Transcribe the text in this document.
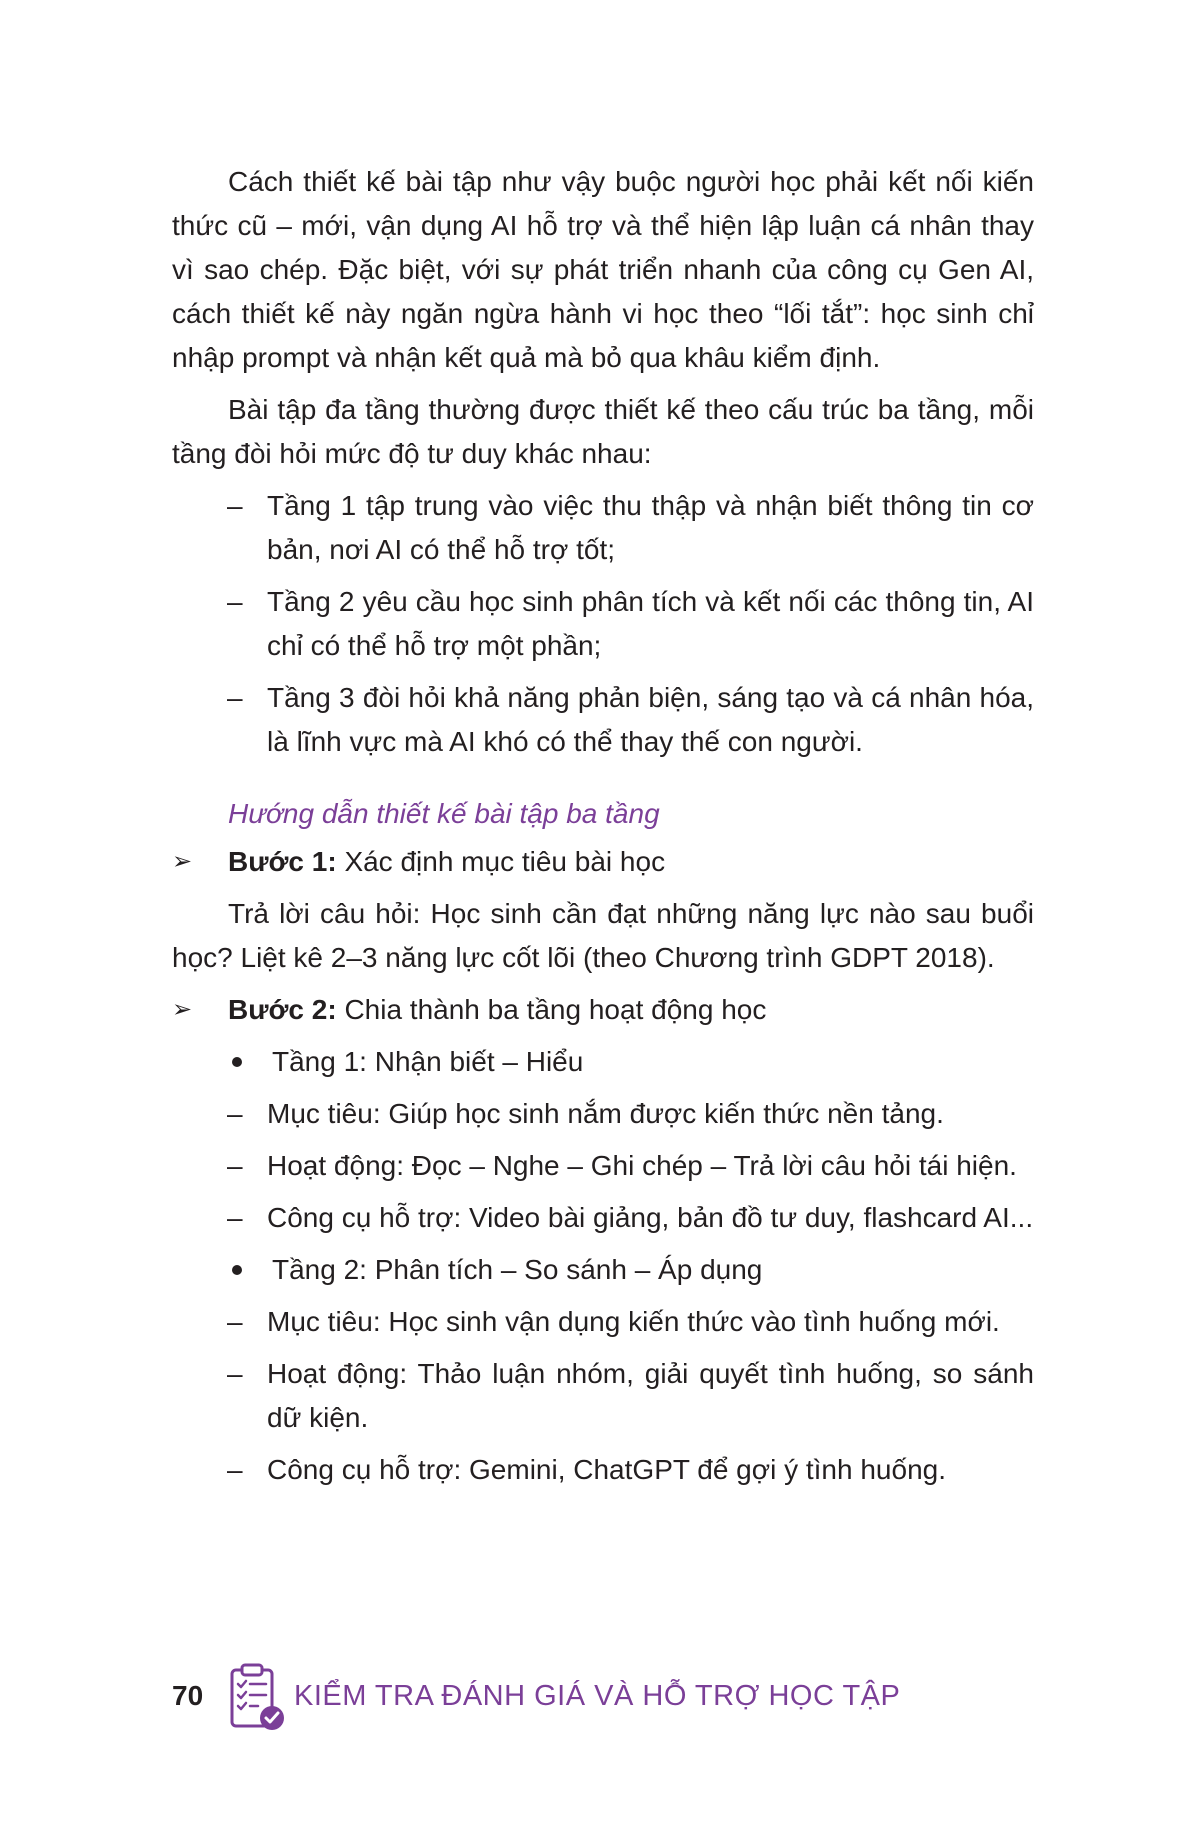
Cách thiết kế bài tập như vậy buộc người học phải kết nối kiến thức cũ – mới, vận dụng AI hỗ trợ và thể hiện lập luận cá nhân thay vì sao chép. Đặc biệt, với sự phát triển nhanh của công cụ Gen AI, cách thiết kế này ngăn ngừa hành vi học theo “lối tắt”: học sinh chỉ nhập prompt và nhận kết quả mà bỏ qua khâu kiểm định.

Bài tập đa tầng thường được thiết kế theo cấu trúc ba tầng, mỗi tầng đòi hỏi mức độ tư duy khác nhau:

– Tầng 1 tập trung vào việc thu thập và nhận biết thông tin cơ bản, nơi AI có thể hỗ trợ tốt;
– Tầng 2 yêu cầu học sinh phân tích và kết nối các thông tin, AI chỉ có thể hỗ trợ một phần;
– Tầng 3 đòi hỏi khả năng phản biện, sáng tạo và cá nhân hóa, là lĩnh vực mà AI khó có thể thay thế con người.

Hướng dẫn thiết kế bài tập ba tầng

➢ Bước 1: Xác định mục tiêu bài học

Trả lời câu hỏi: Học sinh cần đạt những năng lực nào sau buổi học? Liệt kê 2–3 năng lực cốt lõi (theo Chương trình GDPT 2018).

➢ Bước 2: Chia thành ba tầng hoạt động học
Tầng 1: Nhận biết – Hiểu
– Mục tiêu: Giúp học sinh nắm được kiến thức nền tảng.
– Hoạt động: Đọc – Nghe – Ghi chép – Trả lời câu hỏi tái hiện.
– Công cụ hỗ trợ: Video bài giảng, bản đồ tư duy, flashcard AI...
Tầng 2: Phân tích – So sánh – Áp dụng
– Mục tiêu: Học sinh vận dụng kiến thức vào tình huống mới.
– Hoạt động: Thảo luận nhóm, giải quyết tình huống, so sánh dữ kiện.
– Công cụ hỗ trợ: Gemini, ChatGPT để gợi ý tình huống.
70	KIỂM TRA ĐÁNH GIÁ VÀ HỖ TRỢ HỌC TẬP
